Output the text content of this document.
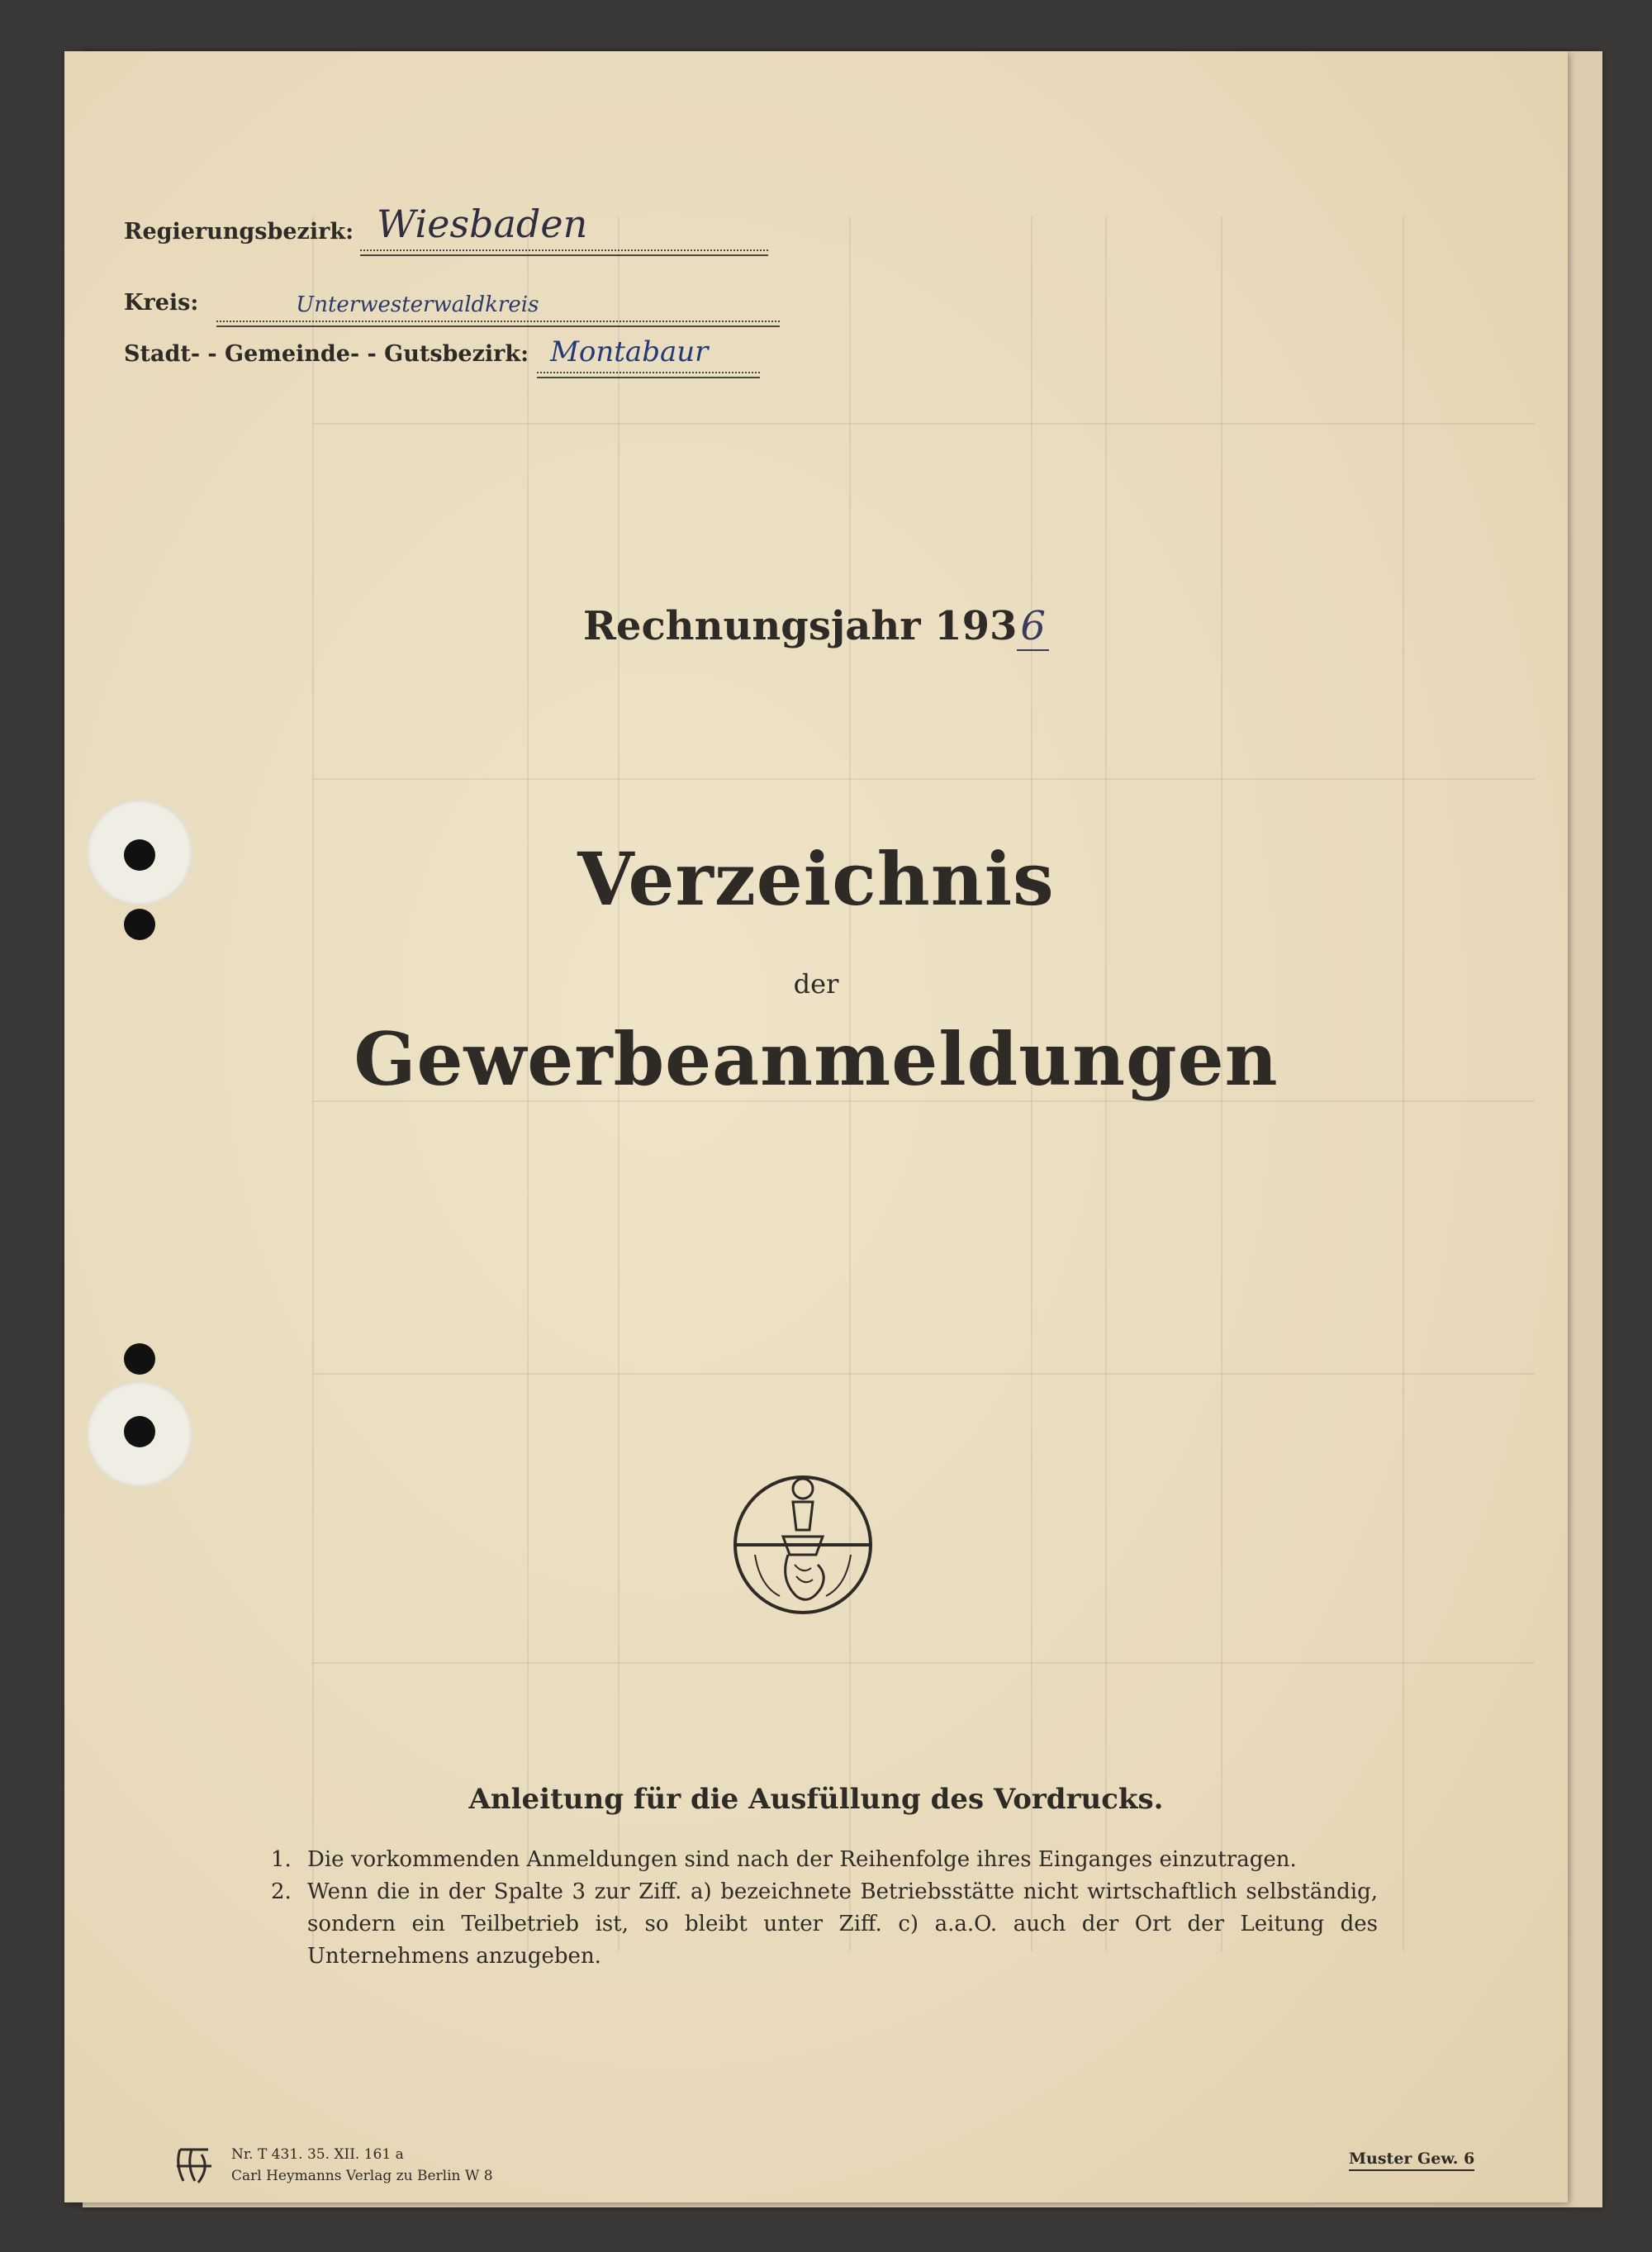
Regierungsbezirk: Wiesbaden
Kreis:	Unterwesterwaldkreis
Stadt- - Gemeinde- - Gutsbezirk: Montabaur
Rechnungsjahr 1936
Verzeichnis
der
Gewerbeanmeldungen
Anleitung für die Ausfüllung des Vordrucks.
1. Die vorkommenden Anmeldungen sind nach der Reihenfolge ihres Einganges einzutragen.
2. Wenn die in der Spalte 3 zur Ziff. a) bezeichnete Betriebsstätte nicht wirtschaftlich selbständig, sondern ein Teilbetrieb ist, so bleibt unter Ziff. c) a.a.O. auch der Ort der Leitung des Unternehmens anzugeben.
Nr. T 431. 35. XII. 161 a
Carl Heymanns Verlag zu Berlin W 8
Muster Gew. 6
